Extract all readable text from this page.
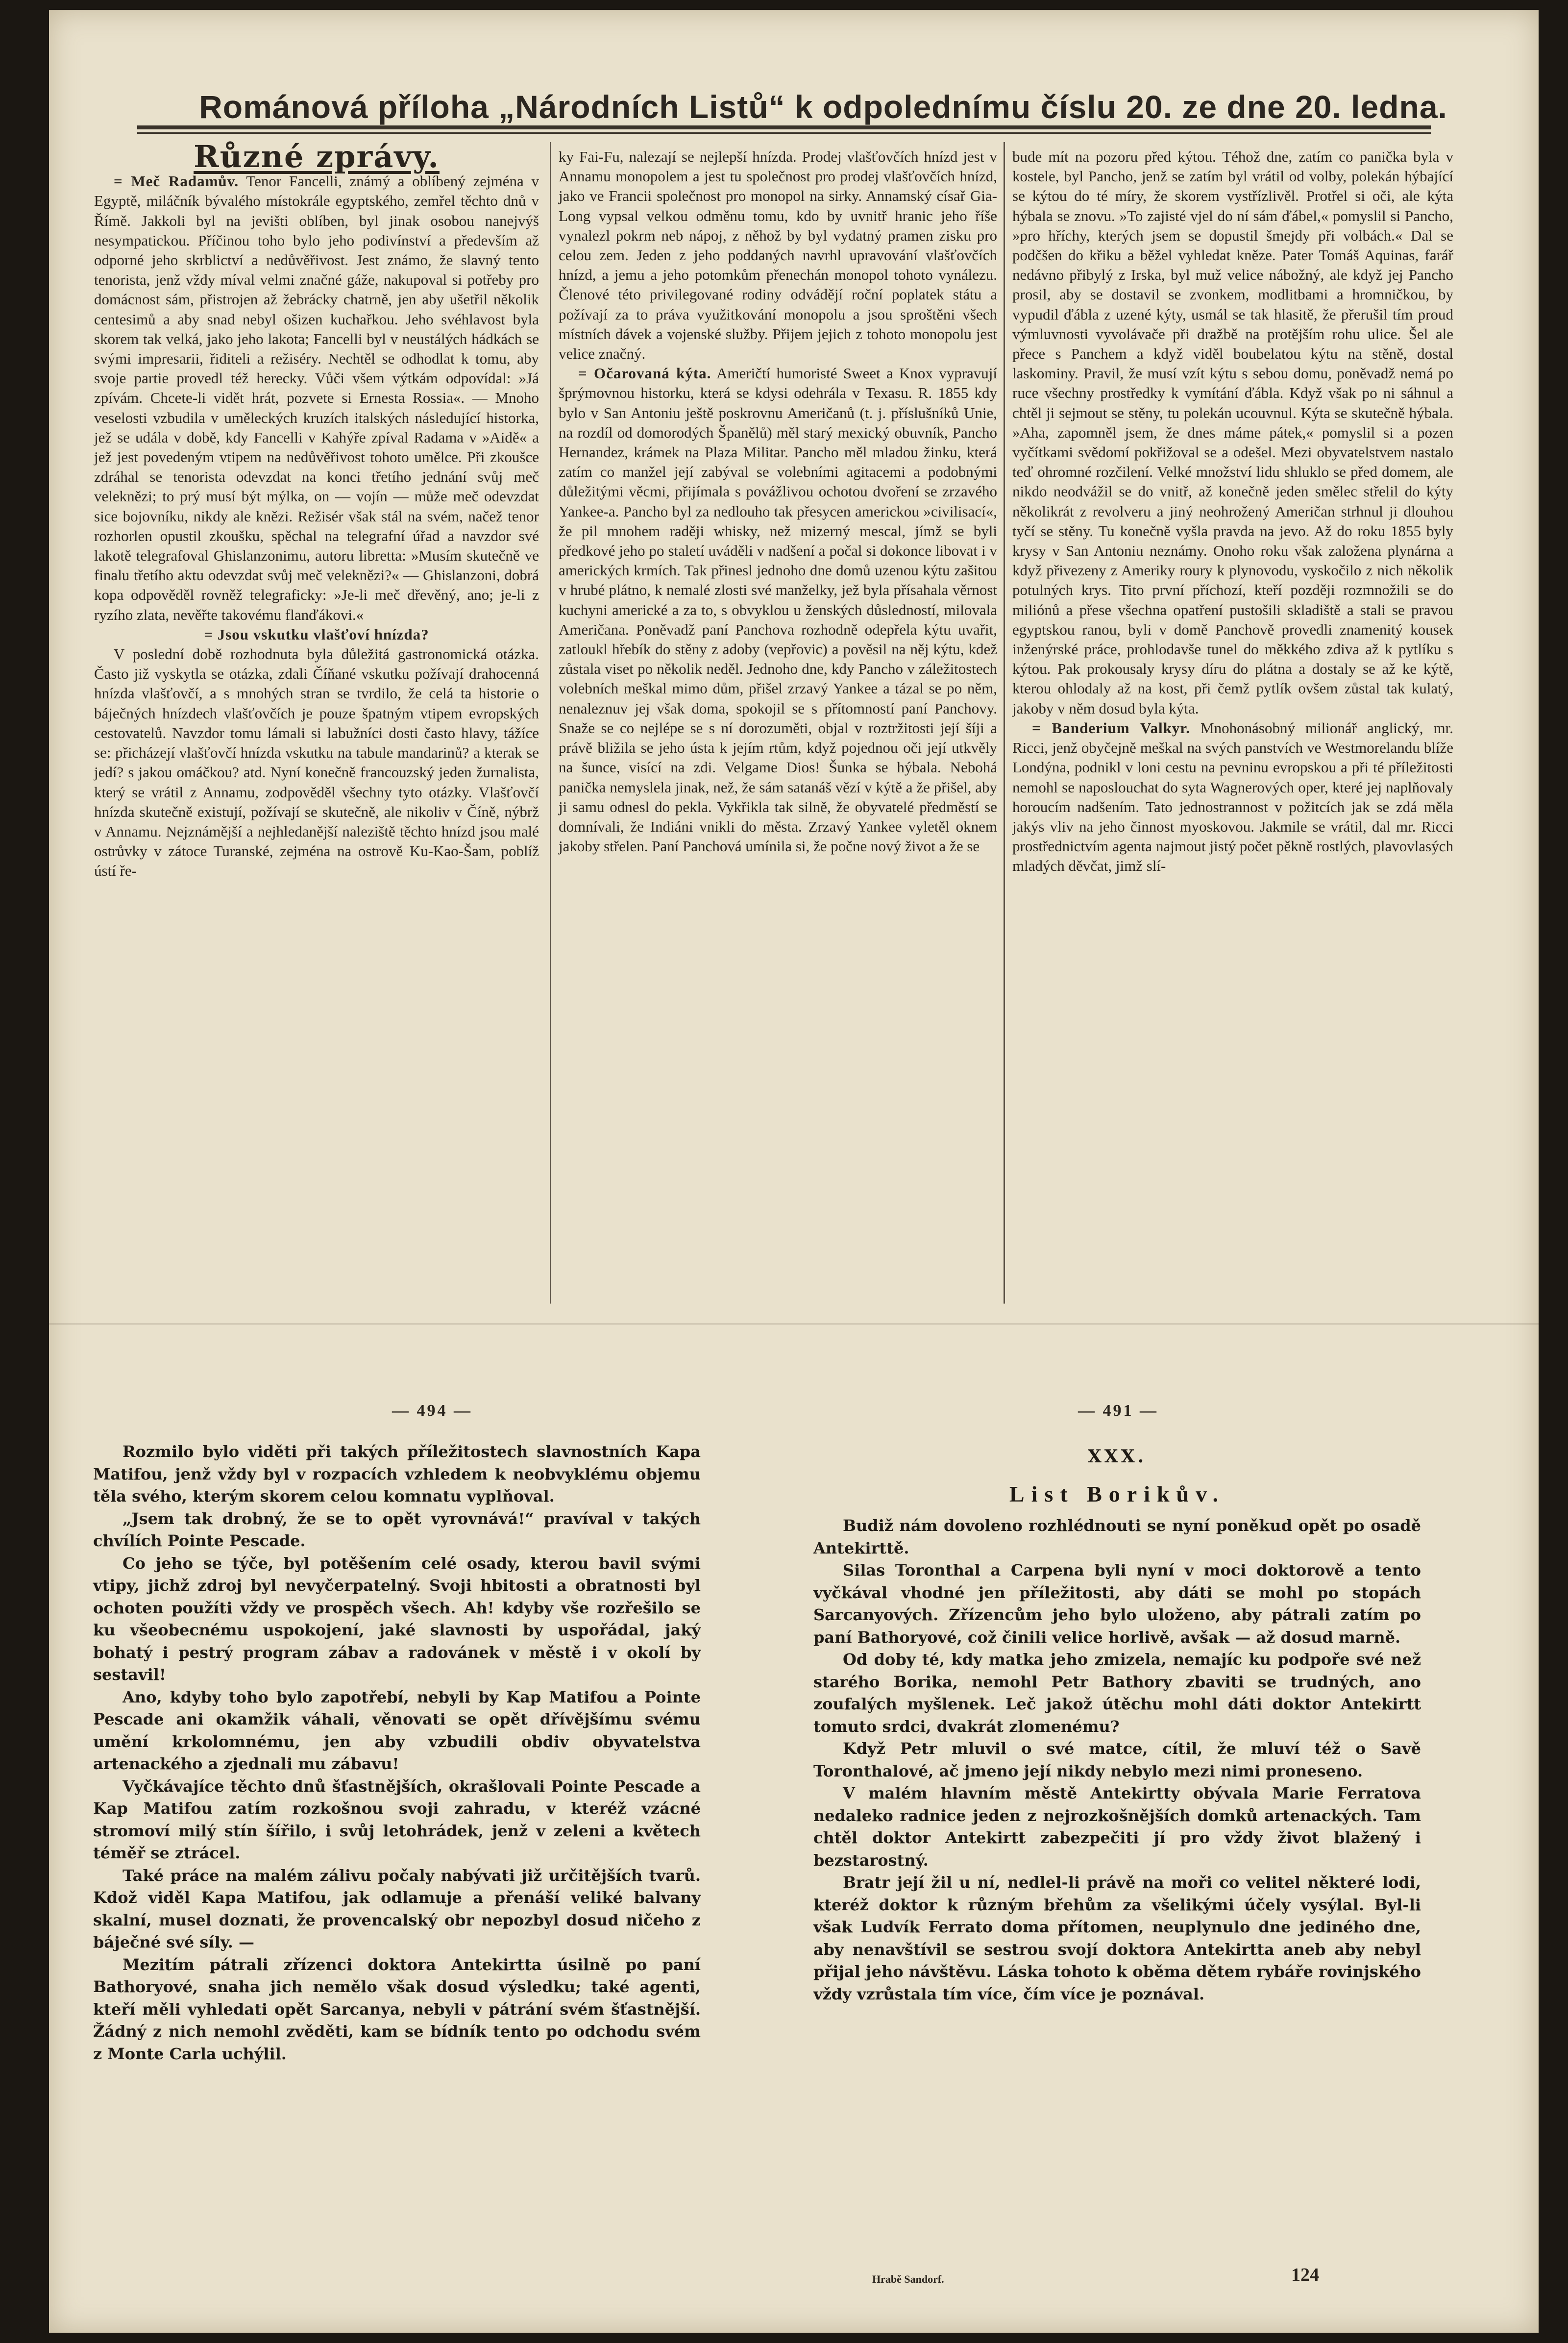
Románová příloha „Národních Listů“ k odpolednímu číslu 20. ze dne 20. ledna.
Různé zprávy.

= Meč Radamův. Tenor Fancelli, známý a oblíbený zejména v Egyptě, miláčník bývalého místokrále egyptského, zemřel těchto dnů v Římě. Jakkoli byl na jevišti oblíben, byl jinak osobou nanejvýš nesympatickou. Příčinou toho bylo jeho podivínství a především až odporné jeho skrblictví a nedůvěřivost. Jest známo, že slavný tento tenorista, jenž vždy míval velmi značné gáže, nakupoval si potřeby pro domácnost sám, přistrojen až žebrácky chatrně, jen aby ušetřil několik centesimů a aby snad nebyl ošizen kuchařkou. Jeho svéhlavost byla skorem tak velká, jako jeho lakota; Fancelli byl v neustálých hádkách se svými impresarii, řiditeli a režiséry. Nechtěl se odhodlat k tomu, aby svoje partie provedl též herecky. Vůči všem výtkám odpovídal: »Já zpívám. Chcete-li vidět hrát, pozvete si Ernesta Rossia«. — Mnoho veselosti vzbudila v uměleckých kruzích italských následující historka, jež se udála v době, kdy Fancelli v Kahýře zpíval Radama v »Aidě« a jež jest povedeným vtipem na nedůvěřivost tohoto umělce. Při zkoušce zdráhal se tenorista odevzdat na konci třetího jednání svůj meč veleknězi; to prý musí být mýlka, on — vojín — může meč odevzdat sice bojovníku, nikdy ale knězi. Režisér však stál na svém, načež tenor rozhorlen opustil zkoušku, spěchal na telegrafní úřad a navzdor své lakotě telegrafoval Ghislanzonimu, autoru libretta: »Musím skutečně ve finalu třetího aktu odevzdat svůj meč veleknězi?« — Ghislanzoni, dobrá kopa odpověděl rovněž telegraficky: »Je-li meč dřevěný, ano; je-li z ryzího zlata, nevěřte takovému flanďákovi.«

= Jsou vskutku vlašťoví hnízda?

V poslední době rozhodnuta byla důležitá gastronomická otázka. Často již vyskytla se otázka, zdali Číňané vskutku požívají drahocenná hnízda vlašťovčí, a s mnohých stran se tvrdilo, že celá ta historie o báječných hnízdech vlašťovčích je pouze špatným vtipem evropských cestovatelů. Navzdor tomu lámali si labužníci dosti často hlavy, tážíce se: přicházejí vlašťovčí hnízda vskutku na tabule mandarinů? a kterak se jedí? s jakou omáčkou? atd. Nyní konečně francouzský jeden žurnalista, který se vrátil z Annamu, zodpověděl všechny tyto otázky. Vlašťovčí hnízda skutečně existují, požívají se skutečně, ale nikoliv v Číně, nýbrž v Annamu. Nejznámější a nejhledanější naleziště těchto hnízd jsou malé ostrůvky v zátoce Turanské, zejména na ostrově Ku-Kao-Šam, poblíž ústí ře-

ky Fai-Fu, nalezají se nejlepší hnízda. Prodej vlašťovčích hnízd jest v Annamu monopolem a jest tu společnost pro prodej vlašťovčích hnízd, jako ve Francii společnost pro monopol na sirky. Annamský císař Gia-Long vypsal velkou odměnu tomu, kdo by uvnitř hranic jeho říše vynalezl pokrm neb nápoj, z něhož by byl vydatný pramen zisku pro celou zem. Jeden z jeho poddaných navrhl upravování vlašťovčích hnízd, a jemu a jeho potomkům přenechán monopol tohoto vynálezu. Členové této privilegované rodiny odvádějí roční poplatek státu a požívají za to práva využitkování monopolu a jsou sproštěni všech místních dávek a vojenské služby. Přijem jejich z tohoto monopolu jest velice značný.

= Očarovaná kýta. Američtí humoristé Sweet a Knox vypravují šprýmovnou historku, která se kdysi odehrála v Texasu. R. 1855 kdy bylo v San Antoniu ještě poskrovnu Američanů (t. j. příslušníků Unie, na rozdíl od domorodých Španělů) měl starý mexický obuvník, Pancho Hernandez, krámek na Plaza Militar. Pancho měl mladou žinku, která zatím co manžel její zabýval se volebními agitacemi a podobnými důležitými věcmi, přijímala s povážlivou ochotou dvoření se zrzavého Yankee-a. Pancho byl za nedlouho tak přesycen americkou »civilisací«, že pil mnohem raději whisky, než mizerný mescal, jímž se byli předkové jeho po staletí uváděli v nadšení a počal si dokonce libovat i v amerických krmích. Tak přinesl jednoho dne domů uzenou kýtu zašitou v hrubé plátno, k nemalé zlosti své manželky, jež byla přísahala věrnost kuchyni americké a za to, s obvyklou u ženských důsledností, milovala Američana. Poněvadž paní Panchova rozhodně odepřela kýtu uvařit, zatloukl hřebík do stěny z adoby (vepřovic) a pověsil na něj kýtu, kdež zůstala viset po několik neděl. Jednoho dne, kdy Pancho v záležitostech volebních meškal mimo dům, přišel zrzavý Yankee a tázal se po něm, nenaleznuv jej však doma, spokojil se s přítomností paní Panchovy. Snaže se co nejlépe se s ní dorozuměti, objal v roztržitosti její šíji a právě bližila se jeho ústa k jejím rtům, když pojednou oči její utkvěly na šunce, visící na zdi. Velgame Dios! Šunka se hýbala. Nebohá panička nemyslela jinak, než, že sám satanáš vězí v kýtě a že přišel, aby ji samu odnesl do pekla. Vykřikla tak silně, že obyvatelé předměstí se domnívali, že Indiáni vnikli do města. Zrzavý Yankee vyletěl oknem jakoby střelen. Paní Panchová umínila si, že počne nový život a že se

bude mít na pozoru před kýtou. Téhož dne, zatím co panička byla v kostele, byl Pancho, jenž se zatím byl vrátil od volby, polekán hýbající se kýtou do té míry, že skorem vystřízlivěl. Protřel si oči, ale kýta hýbala se znovu. »To zajisté vjel do ní sám ďábel,« pomyslil si Pancho, »pro hříchy, kterých jsem se dopustil šmejdy při volbách.« Dal se podčšen do křiku a běžel vyhledat kněze. Pater Tomáš Aquinas, farář nedávno přibylý z Irska, byl muž velice nábožný, ale když jej Pancho prosil, aby se dostavil se zvonkem, modlitbami a hromničkou, by vypudil ďábla z uzené kýty, usmál se tak hlasitě, že přerušil tím proud výmluvnosti vyvolávače při dražbě na protějším rohu ulice. Šel ale přece s Panchem a když viděl boubelatou kýtu na stěně, dostal laskominy. Pravil, že musí vzít kýtu s sebou domu, poněvadž nemá po ruce všechny prostředky k vymítání ďábla. Když však po ni sáhnul a chtěl ji sejmout se stěny, tu polekán ucouvnul. Kýta se skutečně hýbala. »Aha, zapomněl jsem, že dnes máme pátek,« pomyslil si a pozen vyčítkami svědomí pokřižoval se a odešel. Mezi obyvatelstvem nastalo teď ohromné rozčilení. Velké množství lidu shluklo se před domem, ale nikdo neodvážil se do vnitř, až konečně jeden smělec střelil do kýty několikrát z revolveru a jiný neohrožený Američan strhnul ji dlouhou tyčí se stěny. Tu konečně vyšla pravda na jevo. Až do roku 1855 byly krysy v San Antoniu neznámy. Onoho roku však založena plynárna a když přivezeny z Ameriky roury k plynovodu, vyskočilo z nich několik potulných krys. Tito první příchozí, kteří později rozmnožili se do miliónů a přese všechna opatření pustošili skladiště a stali se pravou egyptskou ranou, byli v domě Panchově provedli znamenitý kousek inženýrské práce, prohlodavše tunel do měkkého zdiva až k pytlíku s kýtou. Pak prokousaly krysy díru do plátna a dostaly se až ke kýtě, kterou ohlodaly až na kost, při čemž pytlík ovšem zůstal tak kulatý, jakoby v něm dosud byla kýta.

= Banderium Valkyr. Mnohonásobný milionář anglický, mr. Ricci, jenž obyčejně meškal na svých panstvích ve Westmorelandu blíže Londýna, podnikl v loni cestu na pevninu evropskou a při té příležitosti nemohl se naposlouchat do syta Wagnerových oper, které jej naplňovaly horoucím nadšením. Tato jednostrannost v požitcích jak se zdá měla jakýs vliv na jeho činnost myoskovou. Jakmile se vrátil, dal mr. Ricci prostřednictvím agenta najmout jistý počet pěkně rostlých, plavovlasých mladých děvčat, jimž slí-

— 494 —	— 491 —

Rozmilo bylo viděti při takých příležitostech slavnostních Kapa Matifou, jenž vždy byl v rozpacích vzhledem k neobvyklému objemu těla svého, kterým skorem celou komnatu vyplňoval.

„Jsem tak drobný, že se to opět vyrovnává!“ pravíval v takých chvílích Pointe Pescade.

Co jeho se týče, byl potěšením celé osady, kterou bavil svými vtipy, jichž zdroj byl nevyčerpatelný. Svoji hbitosti a obratnosti byl ochoten použíti vždy ve prospěch všech. Ah! kdyby vše rozřešilo se ku všeobecnému uspokojení, jaké slavnosti by uspořádal, jaký bohatý i pestrý program zábav a radovánek v městě i v okolí by sestavil!

Ano, kdyby toho bylo zapotřebí, nebyli by Kap Matifou a Pointe Pescade ani okamžik váhali, věnovati se opět dřívějšímu svému umění krkolomnému, jen aby vzbudili obdiv obyvatelstva artenackého a zjednali mu zábavu!

Vyčkávajíce těchto dnů šťastnějších, okrašlovali Pointe Pescade a Kap Matifou zatím rozkošnou svoji zahradu, v kteréž vzácné stromoví milý stín šířilo, i svůj letohrádek, jenž v zeleni a květech téměř se ztrácel.

Také práce na malém zálivu počaly nabývati již určitějších tvarů. Kdož viděl Kapa Matifou, jak odlamuje a přenáší veliké balvany skalní, musel doznati, že provencalský obr nepozbyl dosud ničeho z báječné své síly. —

Mezitím pátrali zřízenci doktora Antekirtta úsilně po paní Bathoryové, snaha jich nemělo však dosud výsledku; také agenti, kteří měli vyhledati opět Sarcanya, nebyli v pátrání svém šťastnější. Žádný z nich nemohl zvěděti, kam se bídník tento po odchodu svém z Monte Carla uchýlil.

XXX.
List Borikův.

Budiž nám dovoleno rozhlédnouti se nyní poněkud opět po osadě Antekirttě.

Silas Toronthal a Carpena byli nyní v moci doktorově a tento vyčkával vhodné jen příležitosti, aby dáti se mohl po stopách Sarcanyových. Zřízencům jeho bylo uloženo, aby pátrali zatím po paní Bathoryové, což činili velice horlivě, avšak — až dosud marně.

Od doby té, kdy matka jeho zmizela, nemajíc ku podpoře své než starého Borika, nemohl Petr Bathory zbaviti se trudných, ano zoufalých myšlenek. Leč jakož útěchu mohl dáti doktor Antekirtt tomuto srdci, dvakrát zlomenému?

Když Petr mluvil o své matce, cítil, že mluví též o Savě Toronthalové, ač jmeno její nikdy nebylo mezi nimi proneseno.

V malém hlavním městě Antekirtty obývala Marie Ferratova nedaleko radnice jeden z nejrozkošnějších domků artenackých. Tam chtěl doktor Antekirtt zabezpečiti jí pro vždy život blažený i bezstarostný.

Bratr její žil u ní, nedlel-li právě na moři co velitel některé lodi, kteréž doktor k různým břehům za všelikými účely vysýlal. Byl-li však Ludvík Ferrato doma přítomen, neuplynulo dne jediného dne, aby nenavštívil se sestrou svojí doktora Antekirtta aneb aby nebyl přijal jeho návštěvu. Láska tohoto k oběma dětem rybáře rovinjského vždy vzrůstala tím více, čím více je poznával.

Hrabě Sandorf.	124
